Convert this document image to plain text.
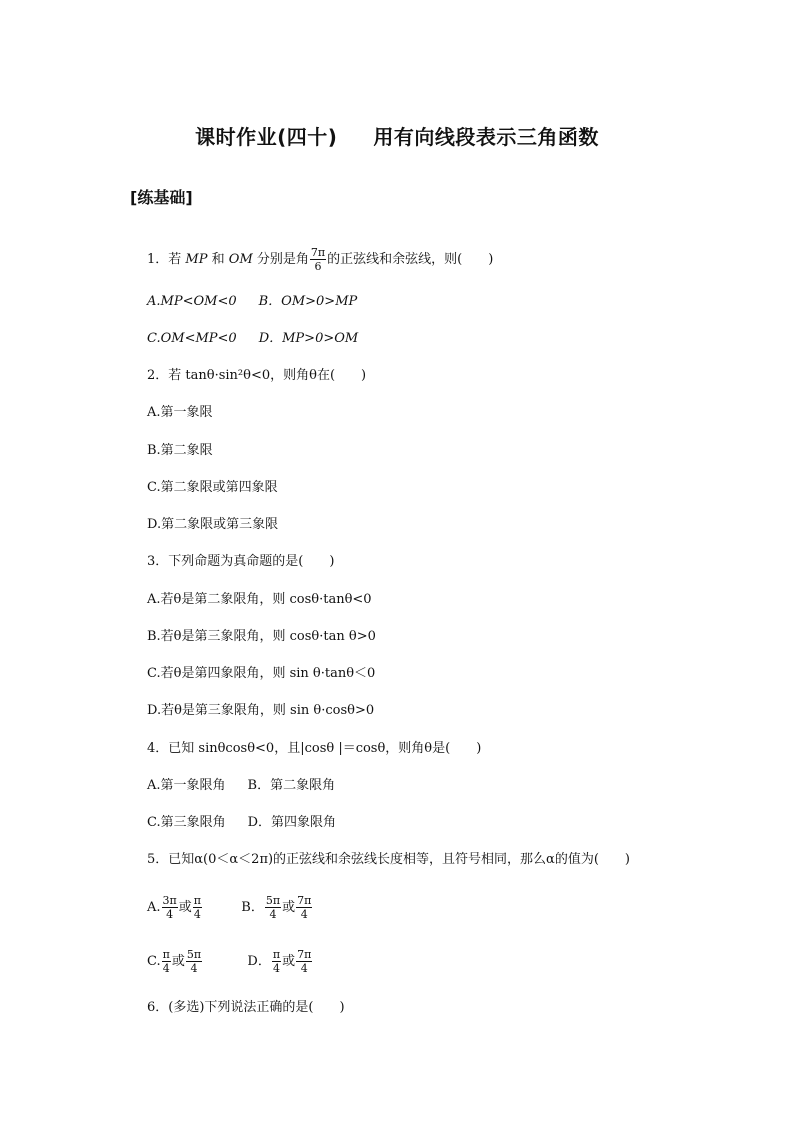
课时作业(四十) 用有向线段表示三角函数
[练基础]
1．若 MP 和 OM 分别是角 $\frac{7\pi}{6}$ 的正弦线和余弦线，则(　　)
A.MP<OM<0 B．OM>0>MP
C.OM<MP<0 D．MP>0>OM
2．若 tanθ·sin²θ<0，则角θ在(　　)
A.第一象限
B.第二象限
C.第二象限或第四象限
D.第二象限或第三象限
3．下列命题为真命题的是(　　)
A.若θ是第二象限角，则 cosθ·tanθ<0
B.若θ是第三象限角，则 cosθ·tan θ>0
C.若θ是第四象限角，则 sin θ·tanθ＜0
D.若θ是第三象限角，则 sin θ·cosθ>0
4．已知 sinθcosθ<0，且|cosθ |＝cosθ，则角θ是(　　)
A.第一象限角 B．第二象限角
C.第三象限角 D．第四象限角
5．已知α(0＜α＜2π)的正弦线和余弦线长度相等，且符号相同，那么α的值为(　　)
A. $\frac{3\pi}{4}$ 或 $\frac{\pi}{4}$	B． $\frac{5\pi}{4}$ 或 $\frac{7\pi}{4}$
C. $\frac{\pi}{4}$ 或 $\frac{5\pi}{4}$	D． $\frac{\pi}{4}$ 或 $\frac{7\pi}{4}$
6．(多选)下列说法正确的是(　　)
